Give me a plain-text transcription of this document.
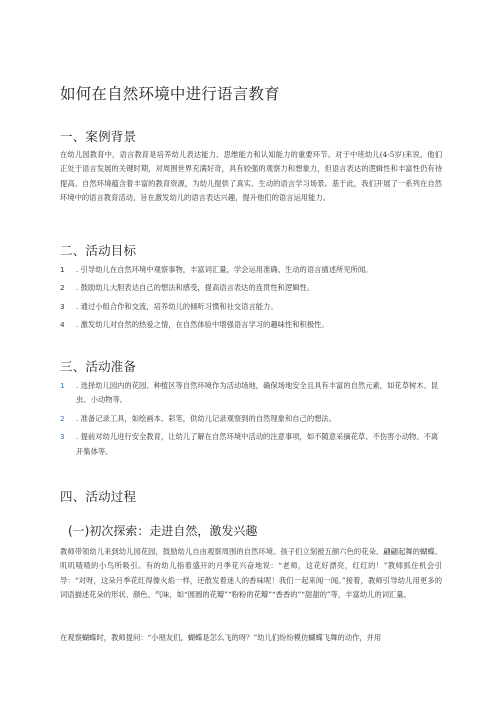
如何在自然环境中进行语言教育
一、案例背景

在幼儿园教育中，语言教育是培养幼儿表达能力、思维能力和认知能力的重要环节。对于中班幼儿(4-5岁)来说，他们正处于语言发展的关键时期，对周围世界充满好奇，具有较强的观察力和想象力，但语言表达的逻辑性和丰富性仍有待提高。自然环境蕴含着丰富的教育资源，为幼儿提供了真实、生动的语言学习场景。基于此，我们开展了一系列在自然环境中的语言教育活动，旨在激发幼儿的语言表达兴趣，提升他们的语言运用能力。

二、活动目标
1 . 引导幼儿在自然环境中观察事物，丰富词汇量，学会运用准确、生动的语言描述所见所闻。
2 . 鼓励幼儿大胆表达自己的想法和感受，提高语言表达的连贯性和逻辑性。
3 . 通过小组合作和交流，培养幼儿的倾听习惯和社交语言能力。
4 . 激发幼儿对自然的热爱之情，在自然体验中增强语言学习的趣味性和积极性。
三、活动准备
1 . 选择幼儿园内的花园、种植区等自然环境作为活动场地，确保场地安全且具有丰富的自然元素，如花草树木、昆虫、小动物等。
2 . 准备记录工具，如绘画本、彩笔，供幼儿记录观察到的自然现象和自己的想法。
3 . 提前对幼儿进行安全教育，让幼儿了解在自然环境中活动的注意事项，如不随意采摘花草、不伤害小动物、不离开集体等。
四、活动过程
(一)初次探索：走进自然，激发兴趣

教师带领幼儿来到幼儿园花园，鼓励幼儿自由观察周围的自然环境。孩子们立刻被五颜六色的花朵、翩翩起舞的蝴蝶、叽叽喳喳的小鸟所吸引。有的幼儿指着盛开的月季花兴奋地说：“老师，这花好漂亮，红红的！”教师抓住机会引导：“对呀，这朵月季花红得像火焰一样，还散发着迷人的香味呢！我们一起来闻一闻。”接着，教师引导幼儿用更多的词语描述花朵的形状、颜色、气味，如“圆圆的花瓣”“粉粉的花瓣”“香香的”“甜甜的”等，丰富幼儿的词汇量。

在观察蝴蝶时，教师提问：“小朋友们，蝴蝶是怎么飞的呀？”幼儿们纷纷模仿蝴蝶飞舞的动作，并用
